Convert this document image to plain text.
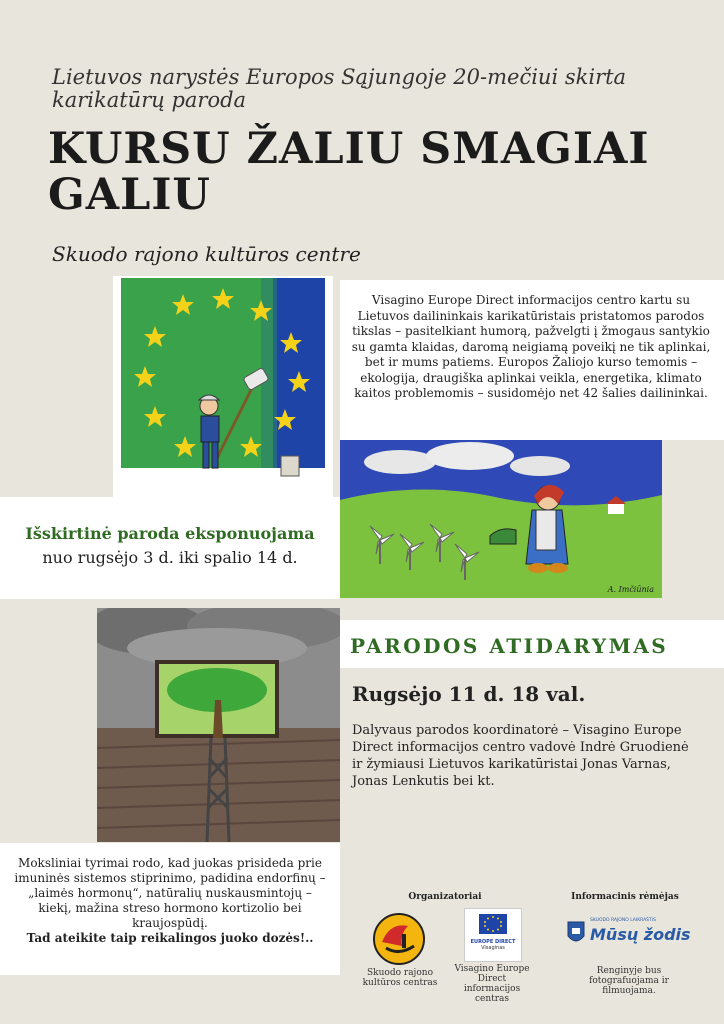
Lietuvos narystės Europos Sąjungoje 20-mečiui skirta karikatūrų paroda
KURSU ŽALIU SMAGIAI GALIU
Skuodo rajono kultūros centre
Visagino Europe Direct informacijos centro kartu su Lietuvos dailininkais karikatūristais pristatomos parodos tikslas – pasitelkiant humorą, pažvelgti į žmogaus santykio su gamta klaidas, daromą neigiamą poveikį ne tik aplinkai, bet ir mums patiems. Europos Žaliojo kurso temomis – ekologija, draugiška aplinkai veikla, energetika, klimato kaitos problemomis – susidomėjo net 42 šalies dailininkai.
Išskirtinė paroda eksponuojama
nuo rugsėjo 3 d. iki spalio 14 d.
A. Imčiūnia
PARODOS ATIDARYMAS
Rugsėjo 11 d. 18 val.
Dalyvaus parodos koordinatorė – Visagino Europe Direct informacijos centro vadovė Indrė Gruodienė ir žymiausi Lietuvos karikatūristai Jonas Varnas, Jonas Lenkutis bei kt.
Moksliniai tyrimai rodo, kad juokas prisideda prie imuninės sistemos stiprinimo, padidina endorfinų – „laimės hormonų“, natūralių nuskausmintojų – kiekį, mažina streso hormono kortizolio bei kraujospūdį.
Tad ateikite taip reikalingos juoko dozės!..
Organizatoriai
Skuodo rajono kultūros centras
EUROPE DIRECT
Visaginas
Visagino Europe Direct informacijos centras
Informacinis rėmėjas
SKUODO RAJONO LAIKRAŠTIS
Mūsų žodis
Renginyje bus fotografuojama ir filmuojama.
